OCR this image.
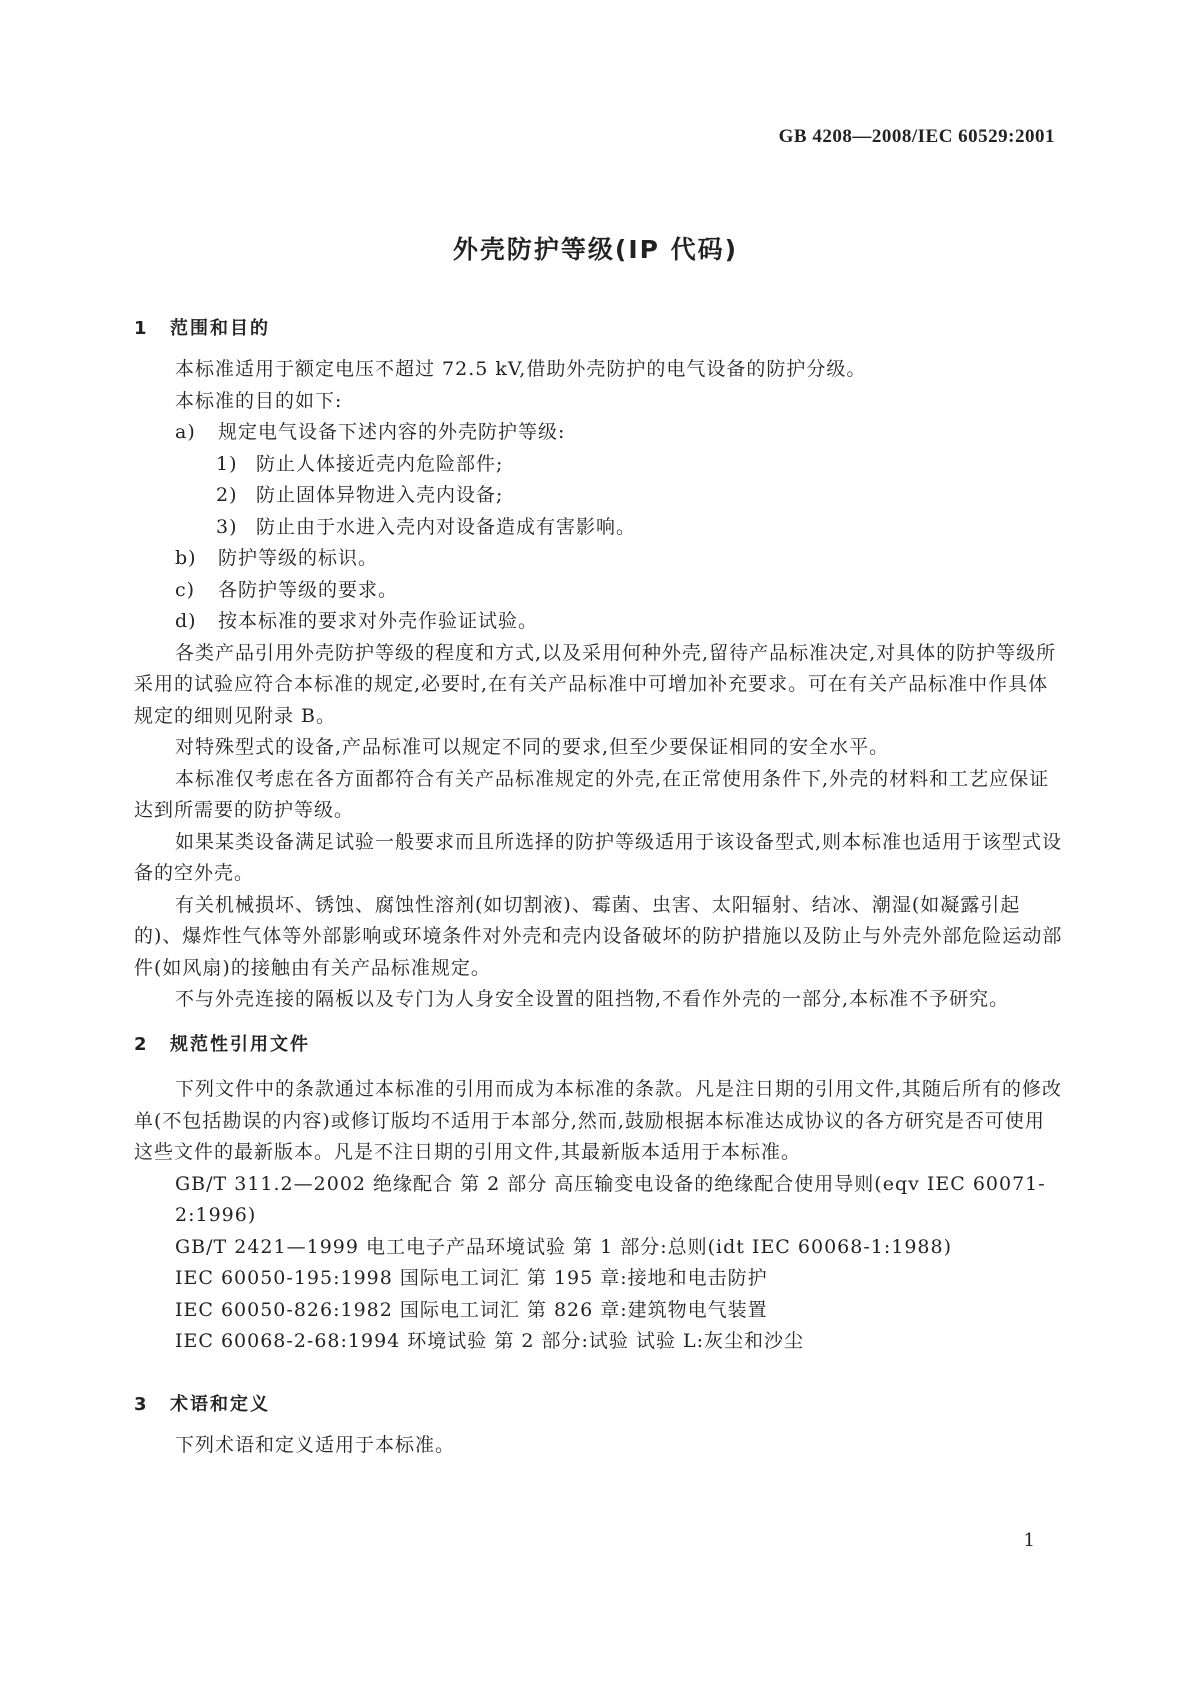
GB 4208—2008/IEC 60529:2001
外壳防护等级(IP 代码)
1 范围和目的
本标准适用于额定电压不超过 72.5 kV,借助外壳防护的电气设备的防护分级。
本标准的目的如下:
a) 规定电气设备下述内容的外壳防护等级:
1) 防止人体接近壳内危险部件;
2) 防止固体异物进入壳内设备;
3) 防止由于水进入壳内对设备造成有害影响。
b) 防护等级的标识。
c) 各防护等级的要求。
d) 按本标准的要求对外壳作验证试验。
各类产品引用外壳防护等级的程度和方式,以及采用何种外壳,留待产品标准决定,对具体的防护等级所采用的试验应符合本标准的规定,必要时,在有关产品标准中可增加补充要求。可在有关产品标准中作具体规定的细则见附录 B。
对特殊型式的设备,产品标准可以规定不同的要求,但至少要保证相同的安全水平。
本标准仅考虑在各方面都符合有关产品标准规定的外壳,在正常使用条件下,外壳的材料和工艺应保证达到所需要的防护等级。
如果某类设备满足试验一般要求而且所选择的防护等级适用于该设备型式,则本标准也适用于该型式设备的空外壳。
有关机械损坏、锈蚀、腐蚀性溶剂(如切割液)、霉菌、虫害、太阳辐射、结冰、潮湿(如凝露引起的)、爆炸性气体等外部影响或环境条件对外壳和壳内设备破坏的防护措施以及防止与外壳外部危险运动部件(如风扇)的接触由有关产品标准规定。
不与外壳连接的隔板以及专门为人身安全设置的阻挡物,不看作外壳的一部分,本标准不予研究。
2 规范性引用文件
下列文件中的条款通过本标准的引用而成为本标准的条款。凡是注日期的引用文件,其随后所有的修改单(不包括勘误的内容)或修订版均不适用于本部分,然而,鼓励根据本标准达成协议的各方研究是否可使用这些文件的最新版本。凡是不注日期的引用文件,其最新版本适用于本标准。
GB/T 311.2—2002 绝缘配合 第 2 部分 高压输变电设备的绝缘配合使用导则(eqv IEC 60071-2:1996)
GB/T 2421—1999 电工电子产品环境试验 第 1 部分:总则(idt IEC 60068-1:1988)
IEC 60050-195:1998 国际电工词汇 第 195 章:接地和电击防护
IEC 60050-826:1982 国际电工词汇 第 826 章:建筑物电气装置
IEC 60068-2-68:1994 环境试验 第 2 部分:试验 试验 L:灰尘和沙尘
3 术语和定义
下列术语和定义适用于本标准。
1
